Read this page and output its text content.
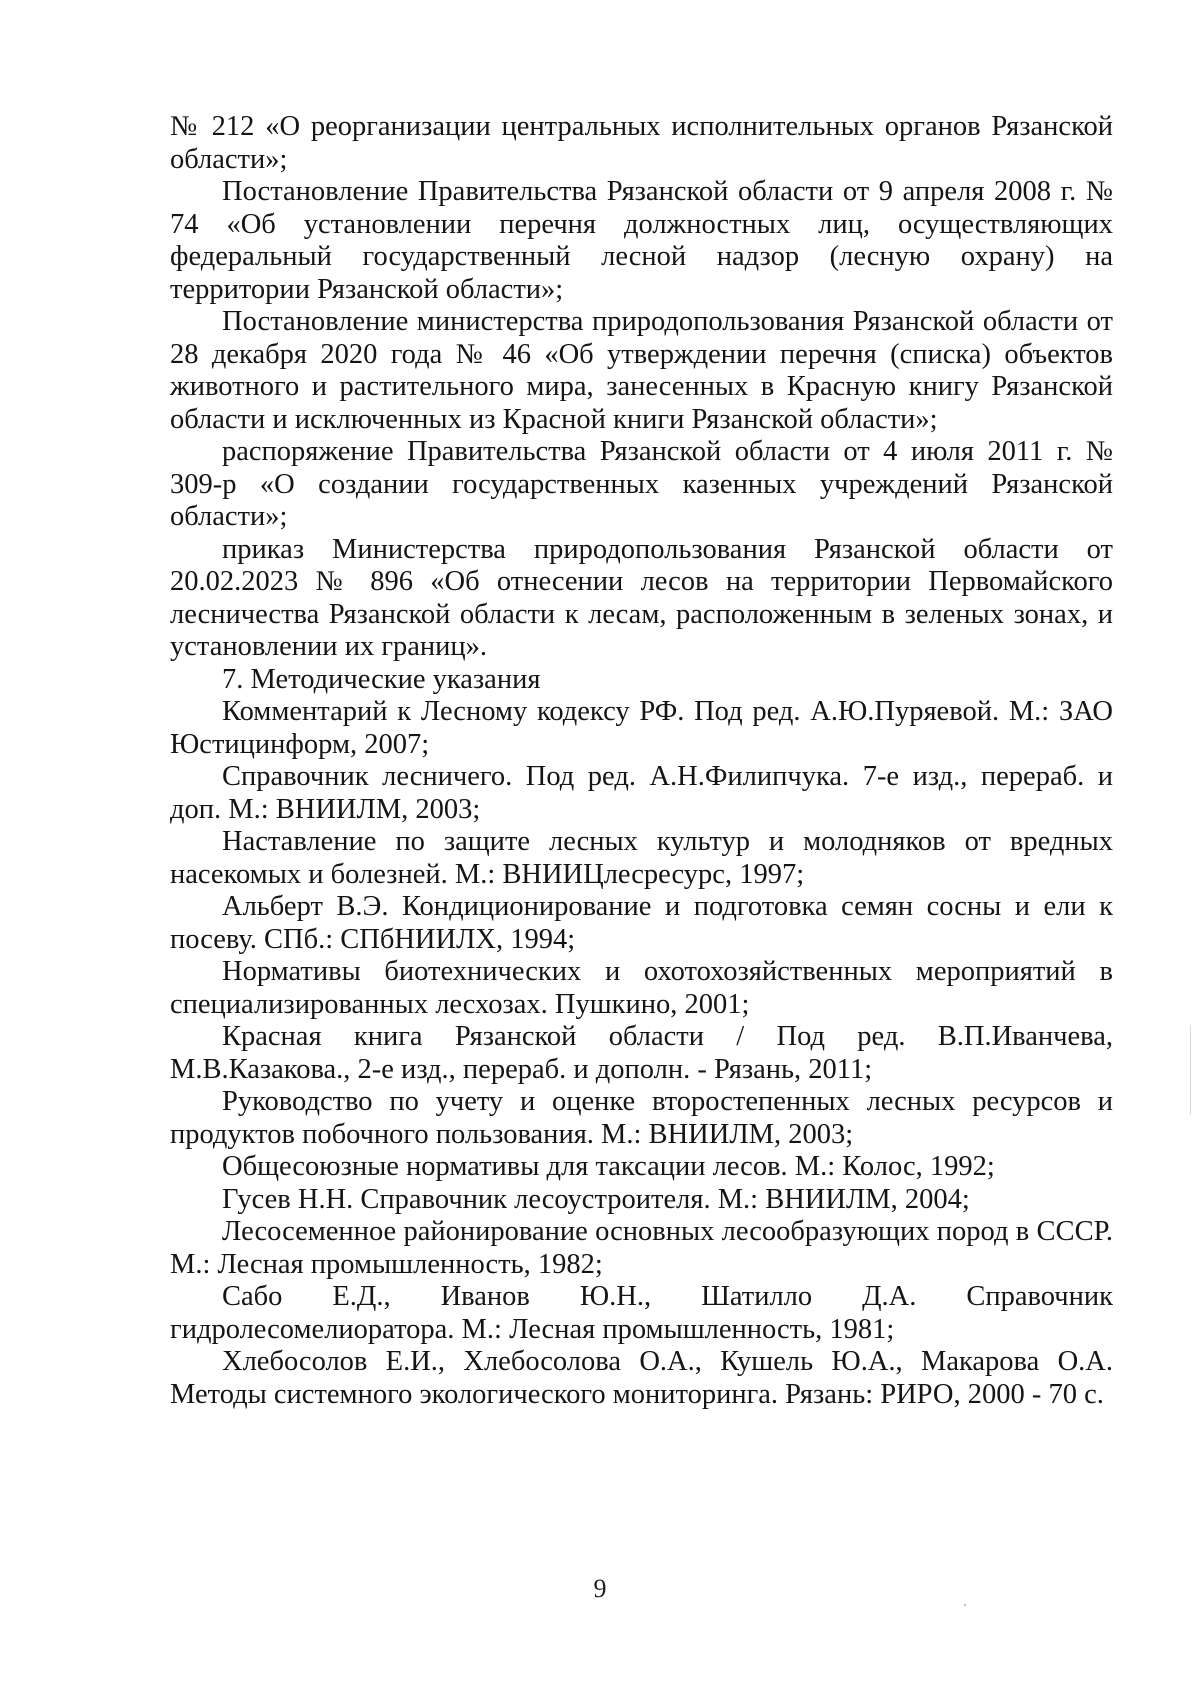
№ 212 «О реорганизации центральных исполнительных органов Рязанской области»;

Постановление Правительства Рязанской области от 9 апреля 2008 г. № 74 «Об установлении перечня должностных лиц, осуществляющих федеральный государственный лесной надзор (лесную охрану) на территории Рязанской области»;

Постановление министерства природопользования Рязанской области от 28 декабря 2020 года № 46 «Об утверждении перечня (списка) объектов животного и растительного мира, занесенных в Красную книгу Рязанской области и исключенных из Красной книги Рязанской области»;

распоряжение Правительства Рязанской области от 4 июля 2011 г. № 309-р «О создании государственных казенных учреждений Рязанской области»;

приказ Министерства природопользования Рязанской области от 20.02.2023 № 896 «Об отнесении лесов на территории Первомайского лесничества Рязанской области к лесам, расположенным в зеленых зонах, и установлении их границ».

7. Методические указания

Комментарий к Лесному кодексу РФ. Под ред. А.Ю.Пуряевой. М.: ЗАО Юстицинформ, 2007;

Справочник лесничего. Под ред. А.Н.Филипчука. 7-е изд., перераб. и доп. М.: ВНИИЛМ, 2003;

Наставление по защите лесных культур и молодняков от вредных насекомых и болезней. М.: ВНИИЦлесресурс, 1997;

Альберт В.Э. Кондиционирование и подготовка семян сосны и ели к посеву. СПб.: СПбНИИЛХ, 1994;

Нормативы биотехнических и охотохозяйственных мероприятий в специализированных лесхозах. Пушкино, 2001;

Красная книга Рязанской области / Под ред. В.П.Иванчева, М.В.Казакова., 2-е изд., перераб. и дополн. - Рязань, 2011;

Руководство по учету и оценке второстепенных лесных ресурсов и продуктов побочного пользования. М.: ВНИИЛМ, 2003;

Общесоюзные нормативы для таксации лесов. М.: Колос, 1992;

Гусев Н.Н. Справочник лесоустроителя. М.: ВНИИЛМ, 2004;

Лесосеменное районирование основных лесообразующих пород в СССР. М.: Лесная промышленность, 1982;

Сабо Е.Д., Иванов Ю.Н., Шатилло Д.А. Справочник гидролесомелиоратора. М.: Лесная промышленность, 1981;

Хлебосолов Е.И., Хлебосолова О.А., Кушель Ю.А., Макарова О.А. Методы системного экологического мониторинга. Рязань: РИРО, 2000 - 70 с.

9
